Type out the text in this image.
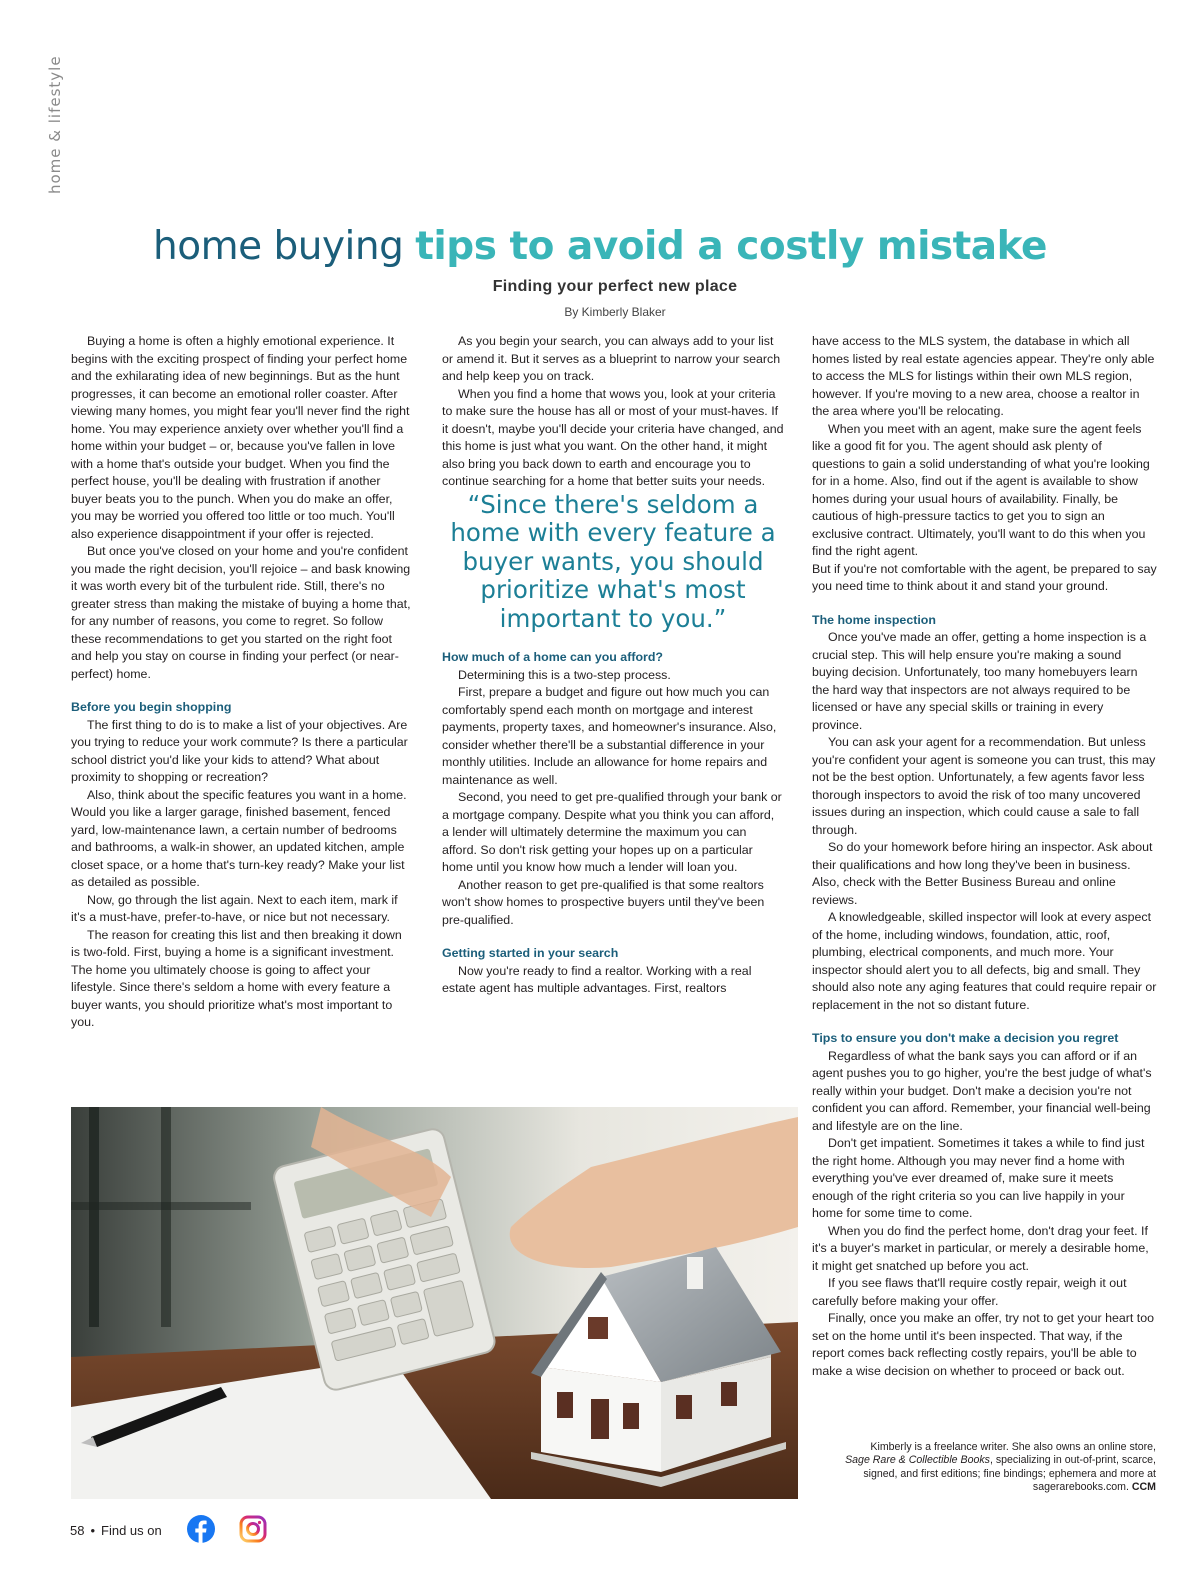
home & lifestyle
home buying tips to avoid a costly mistake
Finding your perfect new place
By Kimberly Blaker

Buying a home is often a highly emotional experience. It begins with the exciting prospect of finding your perfect home and the exhilarating idea of new beginnings. But as the hunt progresses, it can become an emotional roller coaster. After viewing many homes, you might fear you'll never find the right home. You may experience anxiety over whether you'll find a home within your budget – or, because you've fallen in love with a home that's outside your budget. When you find the perfect house, you'll be dealing with frustration if another buyer beats you to the punch. When you do make an offer, you may be worried you offered too little or too much. You'll also experience disappointment if your offer is rejected.

But once you've closed on your home and you're confident you made the right decision, you'll rejoice – and bask knowing it was worth every bit of the turbulent ride. Still, there's no greater stress than making the mistake of buying a home that, for any number of reasons, you come to regret. So follow these recommendations to get you started on the right foot and help you stay on course in finding your perfect (or near-perfect) home.

Before you begin shopping

The first thing to do is to make a list of your objectives. Are you trying to reduce your work commute? Is there a particular school district you'd like your kids to attend? What about proximity to shopping or recreation?

Also, think about the specific features you want in a home. Would you like a larger garage, finished basement, fenced yard, low-maintenance lawn, a certain number of bedrooms and bathrooms, a walk-in shower, an updated kitchen, ample closet space, or a home that's turn-key ready? Make your list as detailed as possible.

Now, go through the list again. Next to each item, mark if it's a must-have, prefer-to-have, or nice but not necessary.

The reason for creating this list and then breaking it down is two-fold. First, buying a home is a significant investment. The home you ultimately choose is going to affect your lifestyle. Since there's seldom a home with every feature a buyer wants, you should prioritize what's most important to you.

As you begin your search, you can always add to your list or amend it. But it serves as a blueprint to narrow your search and help keep you on track.

When you find a home that wows you, look at your criteria to make sure the house has all or most of your must-haves. If it doesn't, maybe you'll decide your criteria have changed, and this home is just what you want. On the other hand, it might also bring you back down to earth and encourage you to continue searching for a home that better suits your needs.

“Since there's seldom a home with every feature a buyer wants, you should prioritize what's most important to you.”

How much of a home can you afford?

Determining this is a two-step process.

First, prepare a budget and figure out how much you can comfortably spend each month on mortgage and interest payments, property taxes, and homeowner's insurance. Also, consider whether there'll be a substantial difference in your monthly utilities. Include an allowance for home repairs and maintenance as well.

Second, you need to get pre-qualified through your bank or a mortgage company. Despite what you think you can afford, a lender will ultimately determine the maximum you can afford. So don't risk getting your hopes up on a particular home until you know how much a lender will loan you.

Another reason to get pre-qualified is that some realtors won't show homes to prospective buyers until they've been pre-qualified.

Getting started in your search

Now you're ready to find a realtor. Working with a real estate agent has multiple advantages. First, realtors

have access to the MLS system, the database in which all homes listed by real estate agencies appear. They're only able to access the MLS for listings within their own MLS region, however. If you're moving to a new area, choose a realtor in the area where you'll be relocating.

When you meet with an agent, make sure the agent feels like a good fit for you. The agent should ask plenty of questions to gain a solid understanding of what you're looking for in a home. Also, find out if the agent is available to show homes during your usual hours of availability. Finally, be cautious of high-pressure tactics to get you to sign an exclusive contract. Ultimately, you'll want to do this when you find the right agent.

But if you're not comfortable with the agent, be prepared to say you need time to think about it and stand your ground.

The home inspection

Once you've made an offer, getting a home inspection is a crucial step. This will help ensure you're making a sound buying decision. Unfortunately, too many homebuyers learn the hard way that inspectors are not always required to be licensed or have any special skills or training in every province.

You can ask your agent for a recommendation. But unless you're confident your agent is someone you can trust, this may not be the best option. Unfortunately, a few agents favor less thorough inspectors to avoid the risk of too many uncovered issues during an inspection, which could cause a sale to fall through.

So do your homework before hiring an inspector. Ask about their qualifications and how long they've been in business. Also, check with the Better Business Bureau and online reviews.

A knowledgeable, skilled inspector will look at every aspect of the home, including windows, foundation, attic, roof, plumbing, electrical components, and much more. Your inspector should alert you to all defects, big and small. They should also note any aging features that could require repair or replacement in the not so distant future.

Tips to ensure you don't make a decision you regret

Regardless of what the bank says you can afford or if an agent pushes you to go higher, you're the best judge of what's really within your budget. Don't make a decision you're not confident you can afford. Remember, your financial well-being and lifestyle are on the line.

Don't get impatient. Sometimes it takes a while to find just the right home. Although you may never find a home with everything you've ever dreamed of, make sure it meets enough of the right criteria so you can live happily in your home for some time to come.

When you do find the perfect home, don't drag your feet. If it's a buyer's market in particular, or merely a desirable home, it might get snatched up before you act.

If you see flaws that'll require costly repair, weigh it out carefully before making your offer.

Finally, once you make an offer, try not to get your heart too set on the home until it's been inspected. That way, if the report comes back reflecting costly repairs, you'll be able to make a wise decision on whether to proceed or back out.

Kimberly is a freelance writer. She also owns an online store,
Sage Rare & Collectible Books, specializing in out-of-print, scarce,
signed, and first editions; fine bindings; ephemera and more at
sagerarebooks.com. CCM
58 • Find us on
